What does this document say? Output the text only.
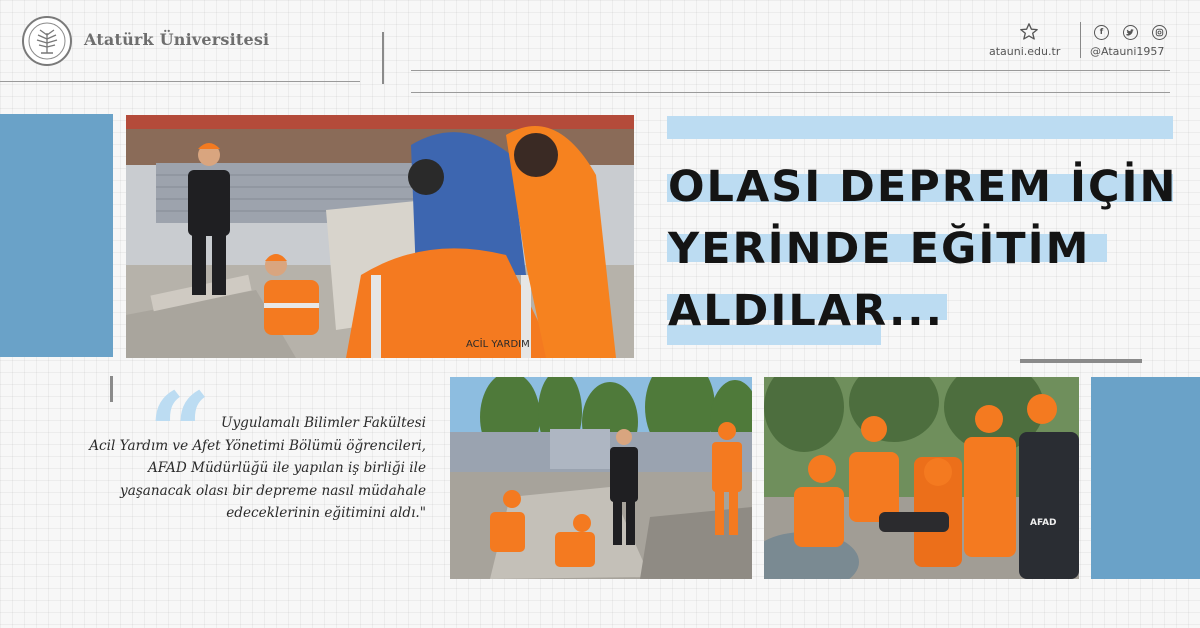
Atatürk Üniversitesi
atauni.edu.tr
f
@Atauni1957
ACİL YARDIM
OLASI DEPREM İÇİN
YERİNDE EĞİTİM
ALDILAR...
“ Uygulamalı Bilimler Fakültesi
Acil Yardım ve Afet Yönetimi Bölümü öğrencileri,
AFAD Müdürlüğü ile yapılan iş birliği ile
yaşanacak olası bir depreme nasıl müdahale
edeceklerinin eğitimini aldı."
AFAD
